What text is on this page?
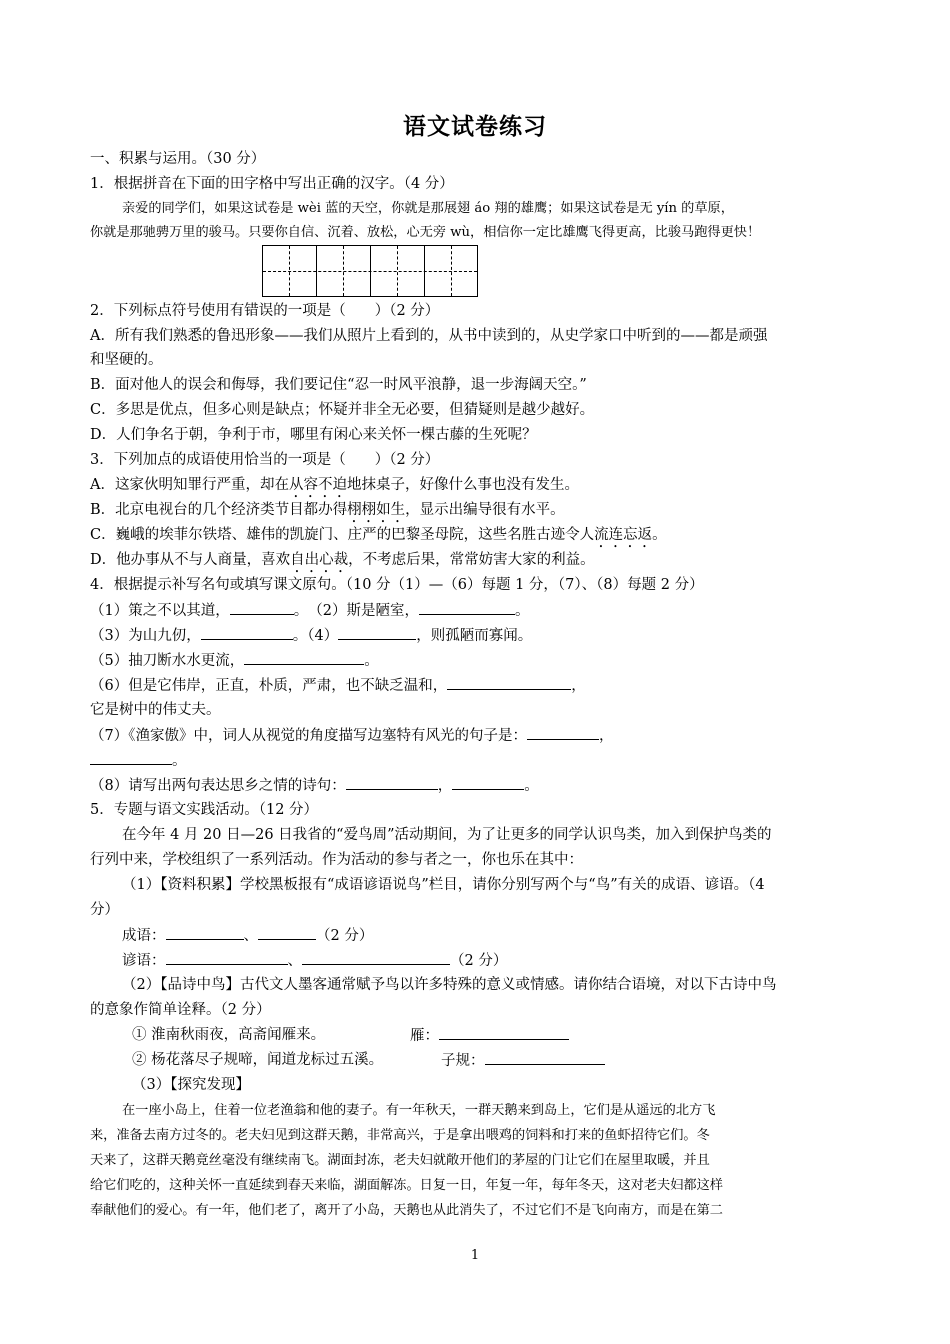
语文试卷练习
一、积累与运用。（30 分）
1．根据拼音在下面的田字格中写出正确的汉字。（4 分）
亲爱的同学们，如果这试卷是 wèi 蓝的天空，你就是那展翅 áo 翔的雄鹰；如果这试卷是无 yín 的草原，
你就是那驰骋万里的骏马。只要你自信、沉着、放松，心无旁 wù，相信你一定比雄鹰飞得更高，比骏马跑得更快！
2．下列标点符号使用有错误的一项是（　　）（2 分）
A．所有我们熟悉的鲁迅形象——我们从照片上看到的，从书中读到的，从史学家口中听到的——都是顽强
和坚硬的。
B．面对他人的误会和侮辱，我们要记住“忍一时风平浪静，退一步海阔天空。”
C．多思是优点，但多心则是缺点；怀疑并非全无必要，但猜疑则是越少越好。
D．人们争名于朝，争利于市，哪里有闲心来关怀一棵古藤的生死呢？
3．下列加点的成语使用恰当的一项是（　　）（2 分）
A．这家伙明知罪行严重，却在从容不迫地抹桌子，好像什么事也没有发生。
B．北京电视台的几个经济类节目都办得栩栩如生，显示出编导很有水平。
C．巍峨的埃菲尔铁塔、雄伟的凯旋门、庄严的巴黎圣母院，这些名胜古迹令人流连忘返。
D．他办事从不与人商量，喜欢自出心裁，不考虑后果，常常妨害大家的利益。
4．根据提示补写名句或填写课文原句。（10 分（1）—（6）每题 1 分，（7）、（8）每题 2 分）
（1）策之不以其道，	。　（2）斯是陋室，	。
（3）为山九仞，	。（4）	，则孤陋而寡闻。
（5）抽刀断水水更流，	。
（6）但是它伟岸，正直，朴质，严肃，也不缺乏温和，	，
它是树中的伟丈夫。
（7）《渔家傲》中，词人从视觉的角度描写边塞特有风光的句子是：	，
。
（8）请写出两句表达思乡之情的诗句：	，	。
5．专题与语文实践活动。（12 分）
在今年 4 月 20 日—26 日我省的“爱鸟周”活动期间，为了让更多的同学认识鸟类，加入到保护鸟类的
行列中来，学校组织了一系列活动。作为活动的参与者之一，你也乐在其中：
（1）【资料积累】学校黑板报有“成语谚语说鸟”栏目，请你分别写两个与“鸟”有关的成语、谚语。（4
分）
成语：	、	（2 分）
谚语：	、	（2 分）
（2）【品诗中鸟】古代文人墨客通常赋予鸟以许多特殊的意义或情感。请你结合语境，对以下古诗中鸟
的意象作简单诠释。（2 分）
① 淮南秋雨夜，高斋闻雁来。	雁：
② 杨花落尽子规啼，闻道龙标过五溪。	子规：
（3）【探究发现】
在一座小岛上，住着一位老渔翁和他的妻子。有一年秋天，一群天鹅来到岛上，它们是从遥远的北方飞
来，准备去南方过冬的。老夫妇见到这群天鹅，非常高兴，于是拿出喂鸡的饲料和打来的鱼虾招待它们。冬
天来了，这群天鹅竟丝毫没有继续南飞。湖面封冻，老夫妇就敞开他们的茅屋的门让它们在屋里取暖，并且
给它们吃的，这种关怀一直延续到春天来临，湖面解冻。日复一日，年复一年，每年冬天，这对老夫妇都这样
奉献他们的爱心。有一年，他们老了，离开了小岛，天鹅也从此消失了，不过它们不是飞向南方，而是在第二
1
